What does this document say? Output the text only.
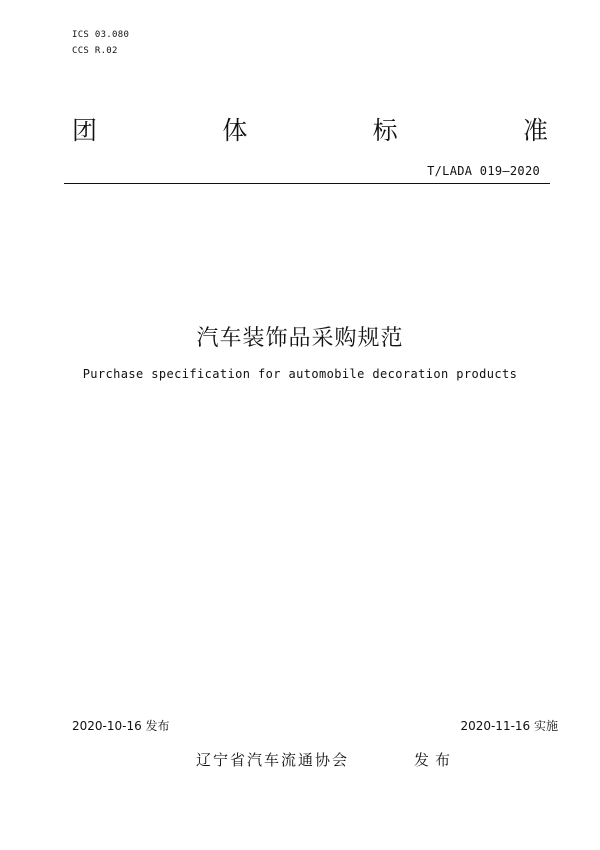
ICS 03.080
CCS R.02
团	体	标	准
T/LADA 019—2020
汽车装饰品采购规范
Purchase specification for automobile decoration products
2020-10-16 发布	2020-11-16 实施
辽宁省汽车流通协会	发布
